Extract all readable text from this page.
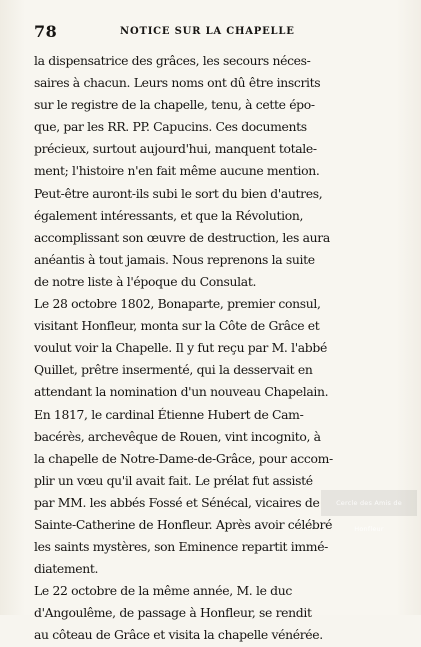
78	NOTICE SUR LA CHAPELLE
la dispensatrice des grâces, les secours néces-
saires à chacun. Leurs noms ont dû être inscrits
sur le registre de la chapelle, tenu, à cette épo-
que, par les RR. PP. Capucins. Ces documents
précieux, surtout aujourd'hui, manquent totale-
ment; l'histoire n'en fait même aucune mention.
Peut-être auront-ils subi le sort du bien d'autres,
également intéressants, et que la Révolution,
accomplissant son œuvre de destruction, les aura
anéantis à tout jamais. Nous reprenons la suite
de notre liste à l'époque du Consulat.
Le 28 octobre 1802, Bonaparte, premier consul,
visitant Honfleur, monta sur la Côte de Grâce et
voulut voir la Chapelle. Il y fut reçu par M. l'abbé
Quillet, prêtre insermenté, qui la desservait en
attendant la nomination d'un nouveau Chapelain.
En 1817, le cardinal Étienne Hubert de Cam-
bacérès, archevêque de Rouen, vint incognito, à
la chapelle de Notre-Dame-de-Grâce, pour accom-
plir un vœu qu'il avait fait. Le prélat fut assisté
par MM. les abbés Fossé et Sénécal, vicaires de
Sainte-Catherine de Honfleur. Après avoir célébré
les saints mystères, son Eminence repartit immé-
diatement.
Le 22 octobre de la même année, M. le duc
d'Angoulême, de passage à Honfleur, se rendit
au côteau de Grâce et visita la chapelle vénérée.
Cercle des Amis de Honfleur
